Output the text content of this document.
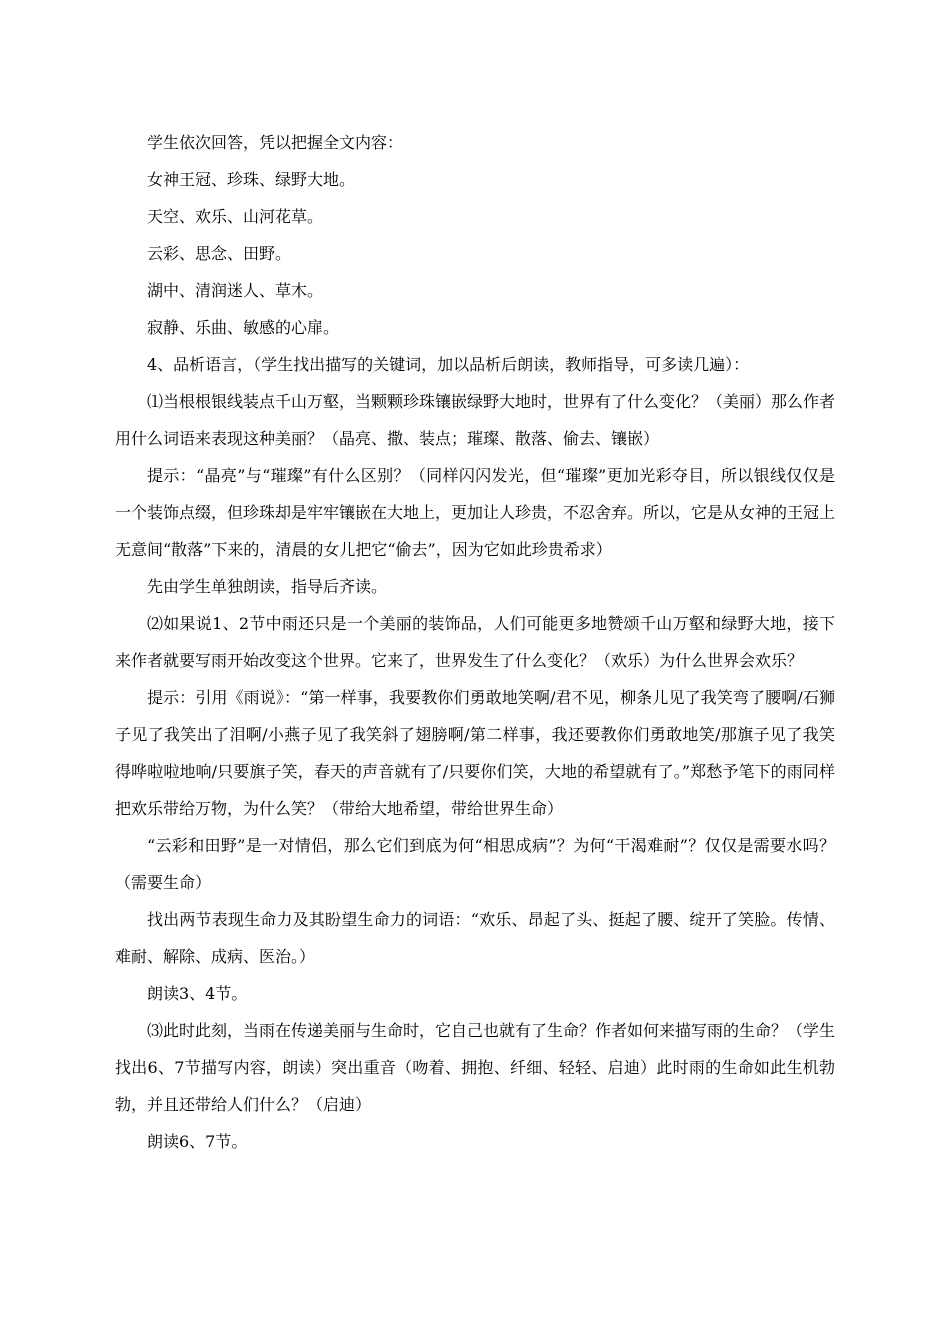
学生依次回答，凭以把握全文内容：

女神王冠、珍珠、绿野大地。

天空、欢乐、山河花草。

云彩、思念、田野。

湖中、清润迷人、草木。

寂静、乐曲、敏感的心扉。

4、品析语言，（学生找出描写的关键词，加以品析后朗读，教师指导，可多读几遍）：

⑴当根根银线装点千山万壑，当颗颗珍珠镶嵌绿野大地时，世界有了什么变化？（美丽）那么作者用什么词语来表现这种美丽？（晶亮、撒、装点；璀璨、散落、偷去、镶嵌）

提示：“晶亮”与“璀璨”有什么区别？（同样闪闪发光，但“璀璨”更加光彩夺目，所以银线仅仅是一个装饰点缀，但珍珠却是牢牢镶嵌在大地上，更加让人珍贵，不忍舍弃。所以，它是从女神的王冠上无意间“散落”下来的，清晨的女儿把它“偷去”，因为它如此珍贵希求）

先由学生单独朗读，指导后齐读。

⑵如果说1、2节中雨还只是一个美丽的装饰品，人们可能更多地赞颂千山万壑和绿野大地，接下来作者就要写雨开始改变这个世界。它来了，世界发生了什么变化？（欢乐）为什么世界会欢乐？

提示：引用《雨说》：“第一样事，我要教你们勇敢地笑啊/君不见，柳条儿见了我笑弯了腰啊/石狮子见了我笑出了泪啊/小燕子见了我笑斜了翅膀啊/第二样事，我还要教你们勇敢地笑/那旗子见了我笑得哗啦啦地响/只要旗子笑，春天的声音就有了/只要你们笑，大地的希望就有了。”郑愁予笔下的雨同样把欢乐带给万物，为什么笑？（带给大地希望，带给世界生命）

“云彩和田野”是一对情侣，那么它们到底为何“相思成病”？为何“干渴难耐”？仅仅是需要水吗？（需要生命）

找出两节表现生命力及其盼望生命力的词语：“欢乐、昂起了头、挺起了腰、绽开了笑脸。传情、难耐、解除、成病、医治。）

朗读3、4节。

⑶此时此刻，当雨在传递美丽与生命时，它自己也就有了生命？作者如何来描写雨的生命？（学生找出6、7节描写内容，朗读）突出重音（吻着、拥抱、纤细、轻轻、启迪）此时雨的生命如此生机勃勃，并且还带给人们什么？（启迪）

朗读6、7节。
